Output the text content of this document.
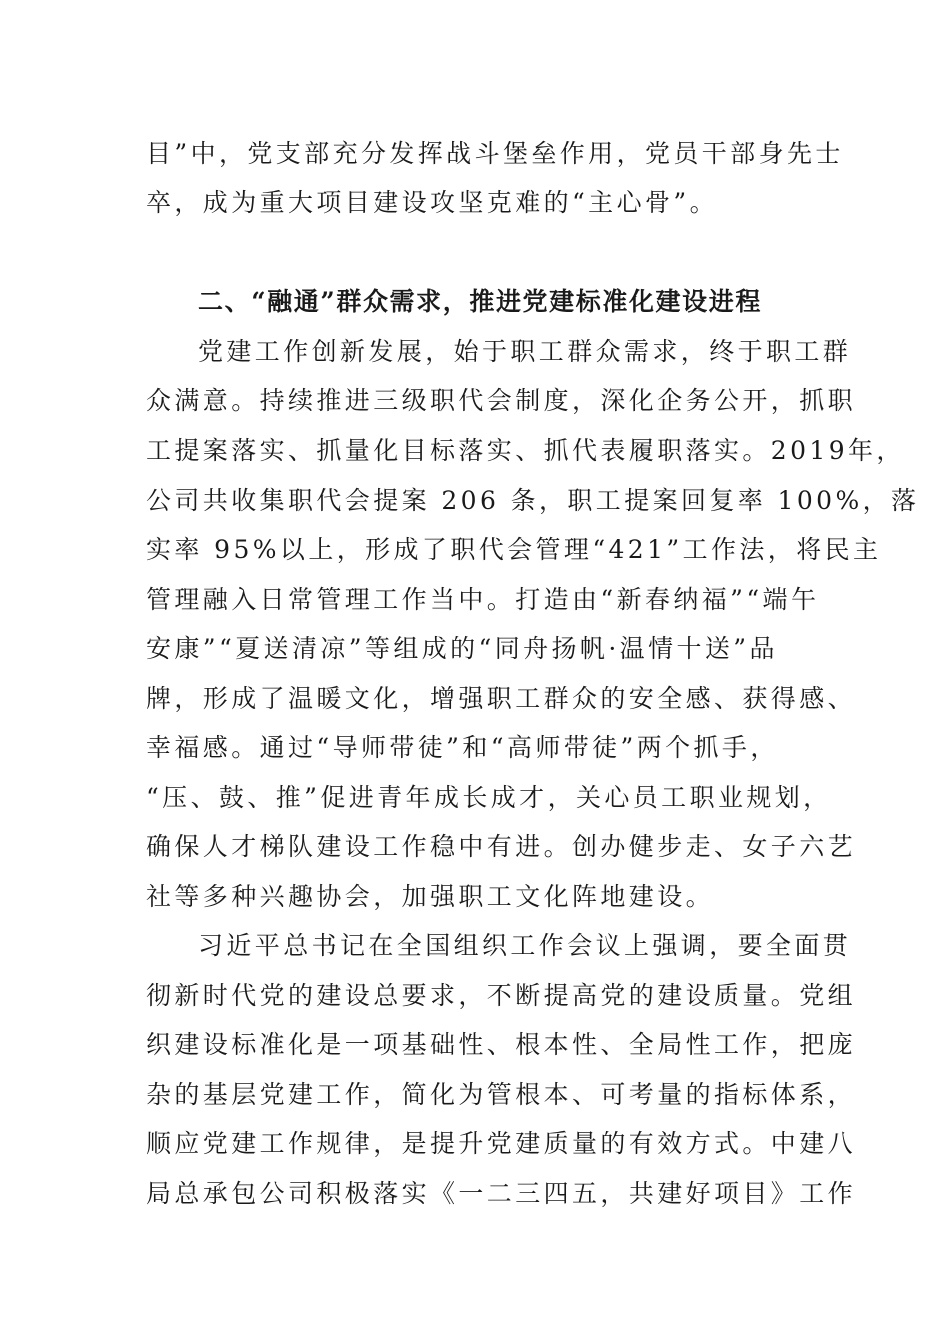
目”中，党支部充分发挥战斗堡垒作用，党员干部身先士
卒，成为重大项目建设攻坚克难的“主心骨”。
二、“融通”群众需求，推进党建标准化建设进程
党建工作创新发展，始于职工群众需求，终于职工群
众满意。持续推进三级职代会制度，深化企务公开，抓职
工提案落实、抓量化目标落实、抓代表履职落实。2019年，
公司共收集职代会提案 206 条，职工提案回复率 100%，落
实率 95%以上，形成了职代会管理“421”工作法，将民主
管理融入日常管理工作当中。打造由“新春纳福”“端午
安康”“夏送清凉”等组成的“同舟扬帆·温情十送”品
牌，形成了温暖文化，增强职工群众的安全感、获得感、
幸福感。通过“导师带徒”和“高师带徒”两个抓手，
“压、鼓、推”促进青年成长成才，关心员工职业规划，
确保人才梯队建设工作稳中有进。创办健步走、女子六艺
社等多种兴趣协会，加强职工文化阵地建设。
习近平总书记在全国组织工作会议上强调，要全面贯
彻新时代党的建设总要求，不断提高党的建设质量。党组
织建设标准化是一项基础性、根本性、全局性工作，把庞
杂的基层党建工作，简化为管根本、可考量的指标体系，
顺应党建工作规律，是提升党建质量的有效方式。中建八
局总承包公司积极落实《一二三四五，共建好项目》工作
